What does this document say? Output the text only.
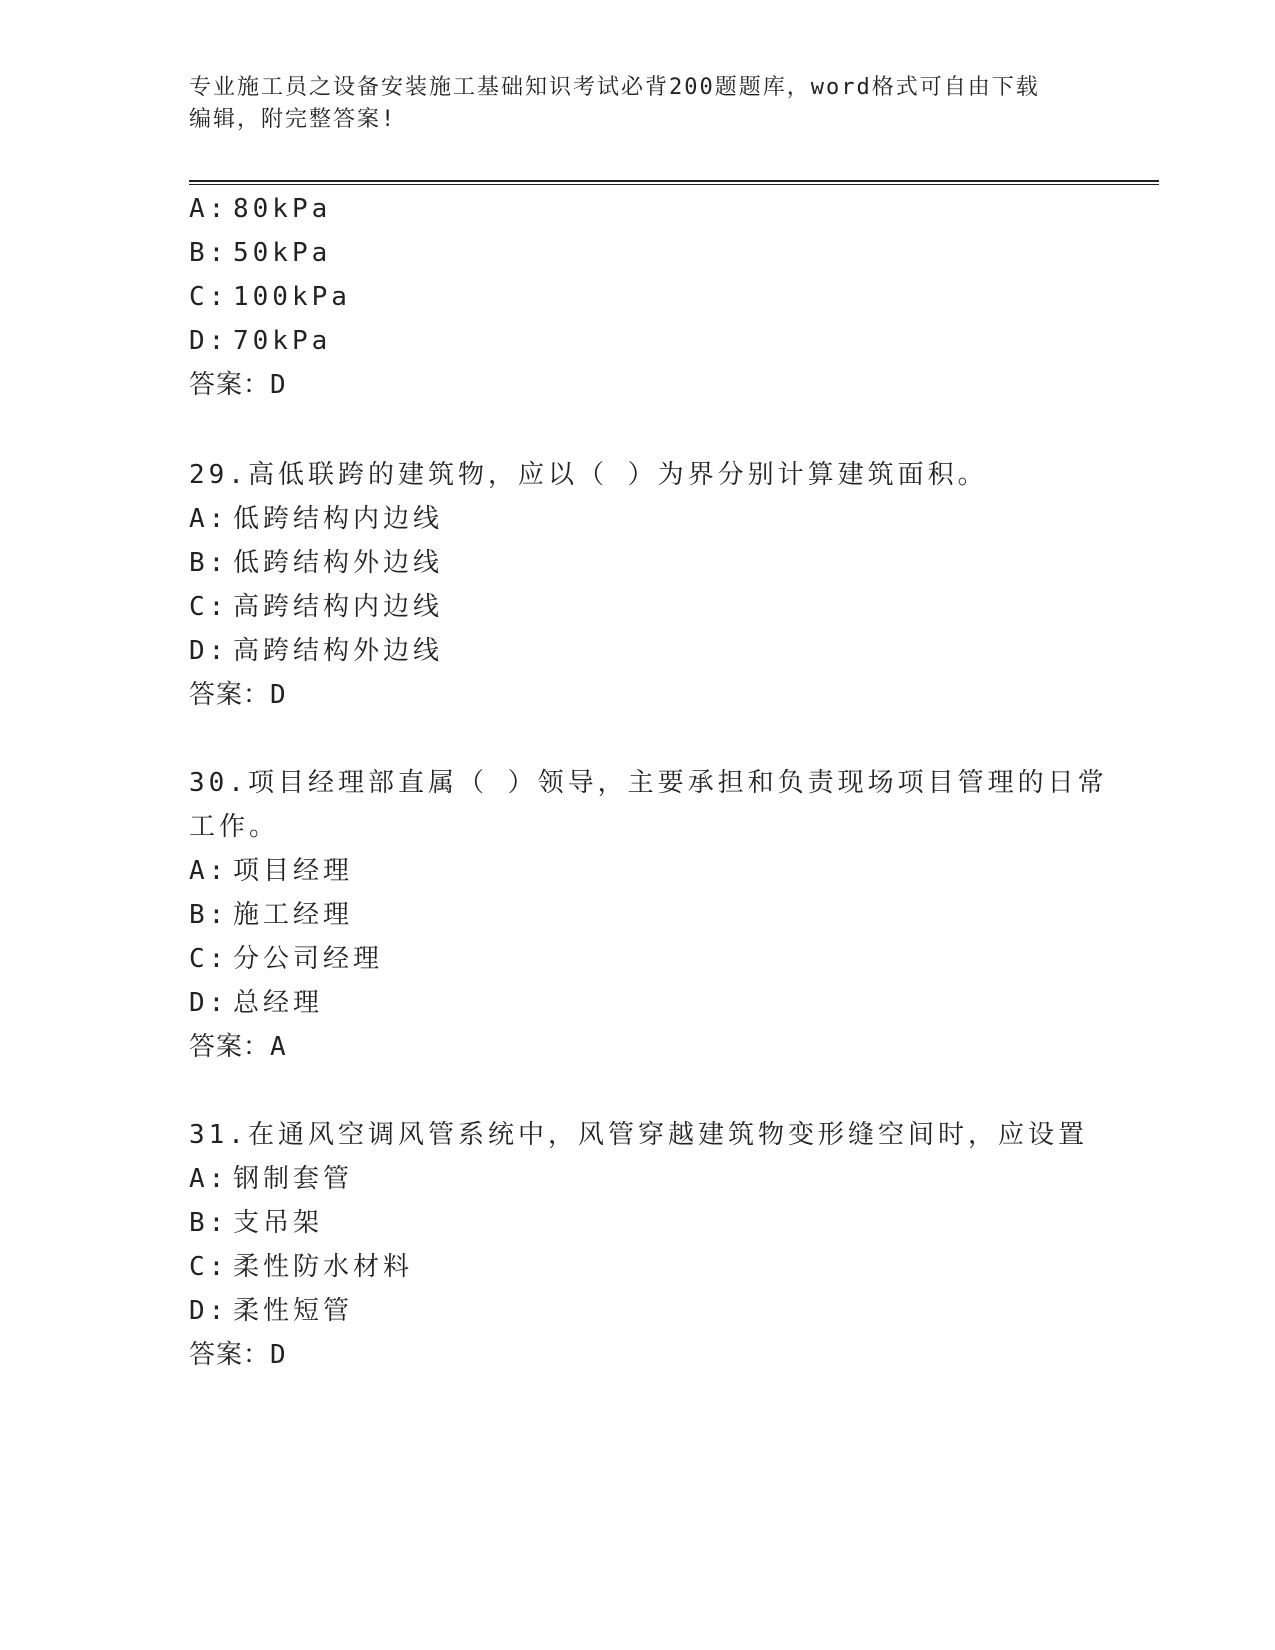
专业施工员之设备安装施工基础知识考试必背200题题库，word格式可自由下载
编辑，附完整答案!
A: 80kPa
B: 50kPa
C: 100kPa
D: 70kPa
答案：D
29.高低联跨的建筑物，应以（ ）为界分别计算建筑面积。
A: 低跨结构内边线
B: 低跨结构外边线
C: 高跨结构内边线
D: 高跨结构外边线
答案：D
30.项目经理部直属（ ）领导，主要承担和负责现场项目管理的日常
工作。
A: 项目经理
B: 施工经理
C: 分公司经理
D: 总经理
答案：A
31.在通风空调风管系统中，风管穿越建筑物变形缝空间时，应设置
A: 钢制套管
B: 支吊架
C: 柔性防水材料
D: 柔性短管
答案：D
